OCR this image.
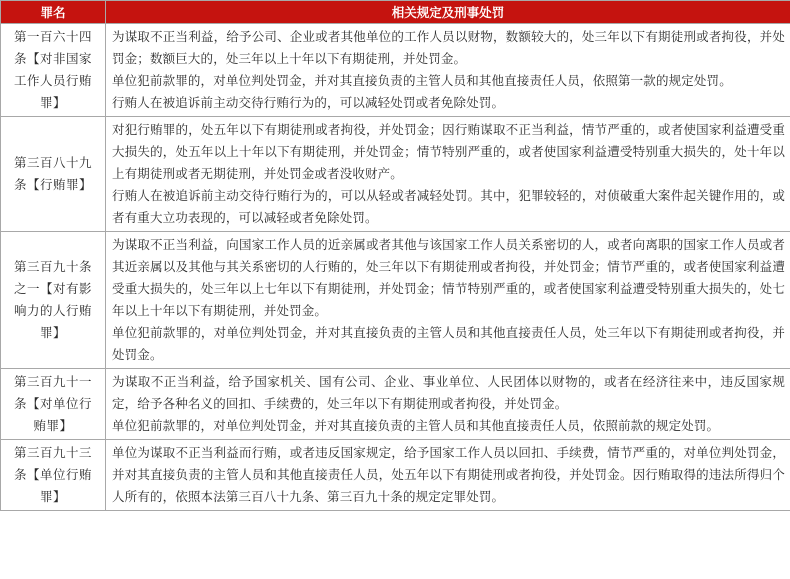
罪名	相关规定及刑事处罚
第一百六十四条【对非国家工作人员行贿罪】	为谋取不正当利益，给予公司、企业或者其他单位的工作人员以财物，数额较大的，处三年以下有期徒刑或者拘役，并处罚金；数额巨大的，处三年以上十年以下有期徒刑，并处罚金。

单位犯前款罪的，对单位判处罚金，并对其直接负责的主管人员和其他直接责任人员，依照第一款的规定处罚。

行贿人在被追诉前主动交待行贿行为的，可以减轻处罚或者免除处罚。

第三百八十九条【行贿罪】	对犯行贿罪的，处五年以下有期徒刑或者拘役，并处罚金；因行贿谋取不正当利益，情节严重的，或者使国家利益遭受重大损失的，处五年以上十年以下有期徒刑，并处罚金；情节特别严重的，或者使国家利益遭受特别重大损失的，处十年以上有期徒刑或者无期徒刑，并处罚金或者没收财产。

行贿人在被追诉前主动交待行贿行为的，可以从轻或者减轻处罚。其中，犯罪较轻的，对侦破重大案件起关键作用的，或者有重大立功表现的，可以减轻或者免除处罚。

第三百九十条之一【对有影响力的人行贿罪】	为谋取不正当利益，向国家工作人员的近亲属或者其他与该国家工作人员关系密切的人，或者向离职的国家工作人员或者其近亲属以及其他与其关系密切的人行贿的，处三年以下有期徒刑或者拘役，并处罚金；情节严重的，或者使国家利益遭受重大损失的，处三年以上七年以下有期徒刑，并处罚金；情节特别严重的，或者使国家利益遭受特别重大损失的，处七年以上十年以下有期徒刑，并处罚金。

单位犯前款罪的，对单位判处罚金，并对其直接负责的主管人员和其他直接责任人员，处三年以下有期徒刑或者拘役，并处罚金。

第三百九十一条【对单位行贿罪】	为谋取不正当利益，给予国家机关、国有公司、企业、事业单位、人民团体以财物的，或者在经济往来中，违反国家规定，给予各种名义的回扣、手续费的，处三年以下有期徒刑或者拘役，并处罚金。

单位犯前款罪的，对单位判处罚金，并对其直接负责的主管人员和其他直接责任人员，依照前款的规定处罚。

第三百九十三条【单位行贿罪】	单位为谋取不正当利益而行贿，或者违反国家规定，给予国家工作人员以回扣、手续费，情节严重的，对单位判处罚金，并对其直接负责的主管人员和其他直接责任人员，处五年以下有期徒刑或者拘役，并处罚金。因行贿取得的违法所得归个人所有的，依照本法第三百八十九条、第三百九十条的规定定罪处罚。
